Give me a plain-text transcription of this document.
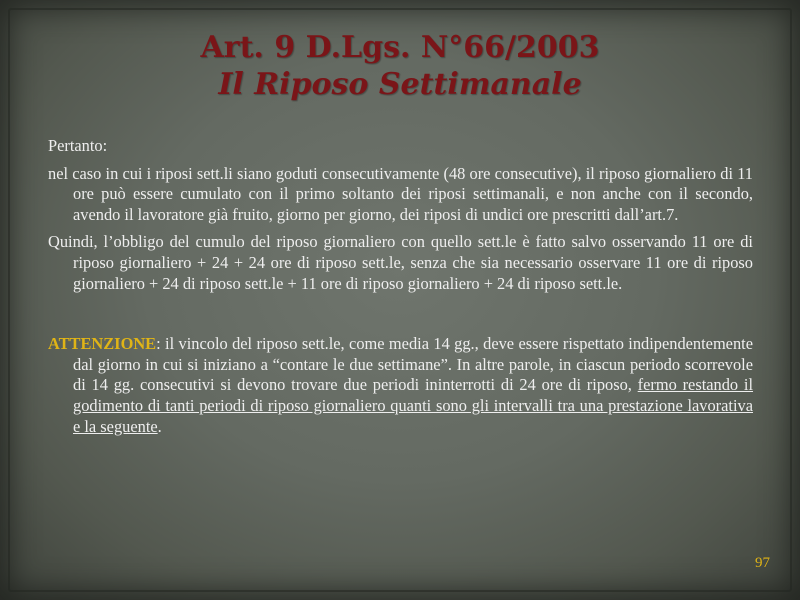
Art. 9 D.Lgs. N°66/2003
Il Riposo Settimanale

Pertanto:

nel caso in cui i riposi sett.li siano goduti consecutivamente (48 ore consecutive), il riposo giornaliero di 11 ore può essere cumulato con il primo soltanto dei riposi settimanali, e non anche con il secondo, avendo il lavoratore già fruito, giorno per giorno, dei riposi di undici ore prescritti dall’art.7.

Quindi, l’obbligo del cumulo del riposo giornaliero con quello sett.le è fatto salvo osservando 11 ore di riposo giornaliero + 24 + 24 ore di riposo sett.le, senza che sia necessario osservare 11 ore di riposo giornaliero + 24 di riposo sett.le + 11 ore di riposo giornaliero + 24 di riposo sett.le.

ATTENZIONE: il vincolo del riposo sett.le, come media 14 gg., deve essere rispettato indipendentemente dal giorno in cui si iniziano a “contare le due settimane”. In altre parole, in ciascun periodo scorrevole di 14 gg. consecutivi si devono trovare due periodi ininterrotti di 24 ore di riposo, fermo restando il godimento di tanti periodi di riposo giornaliero quanti sono gli intervalli tra una prestazione lavorativa e la seguente.

97
